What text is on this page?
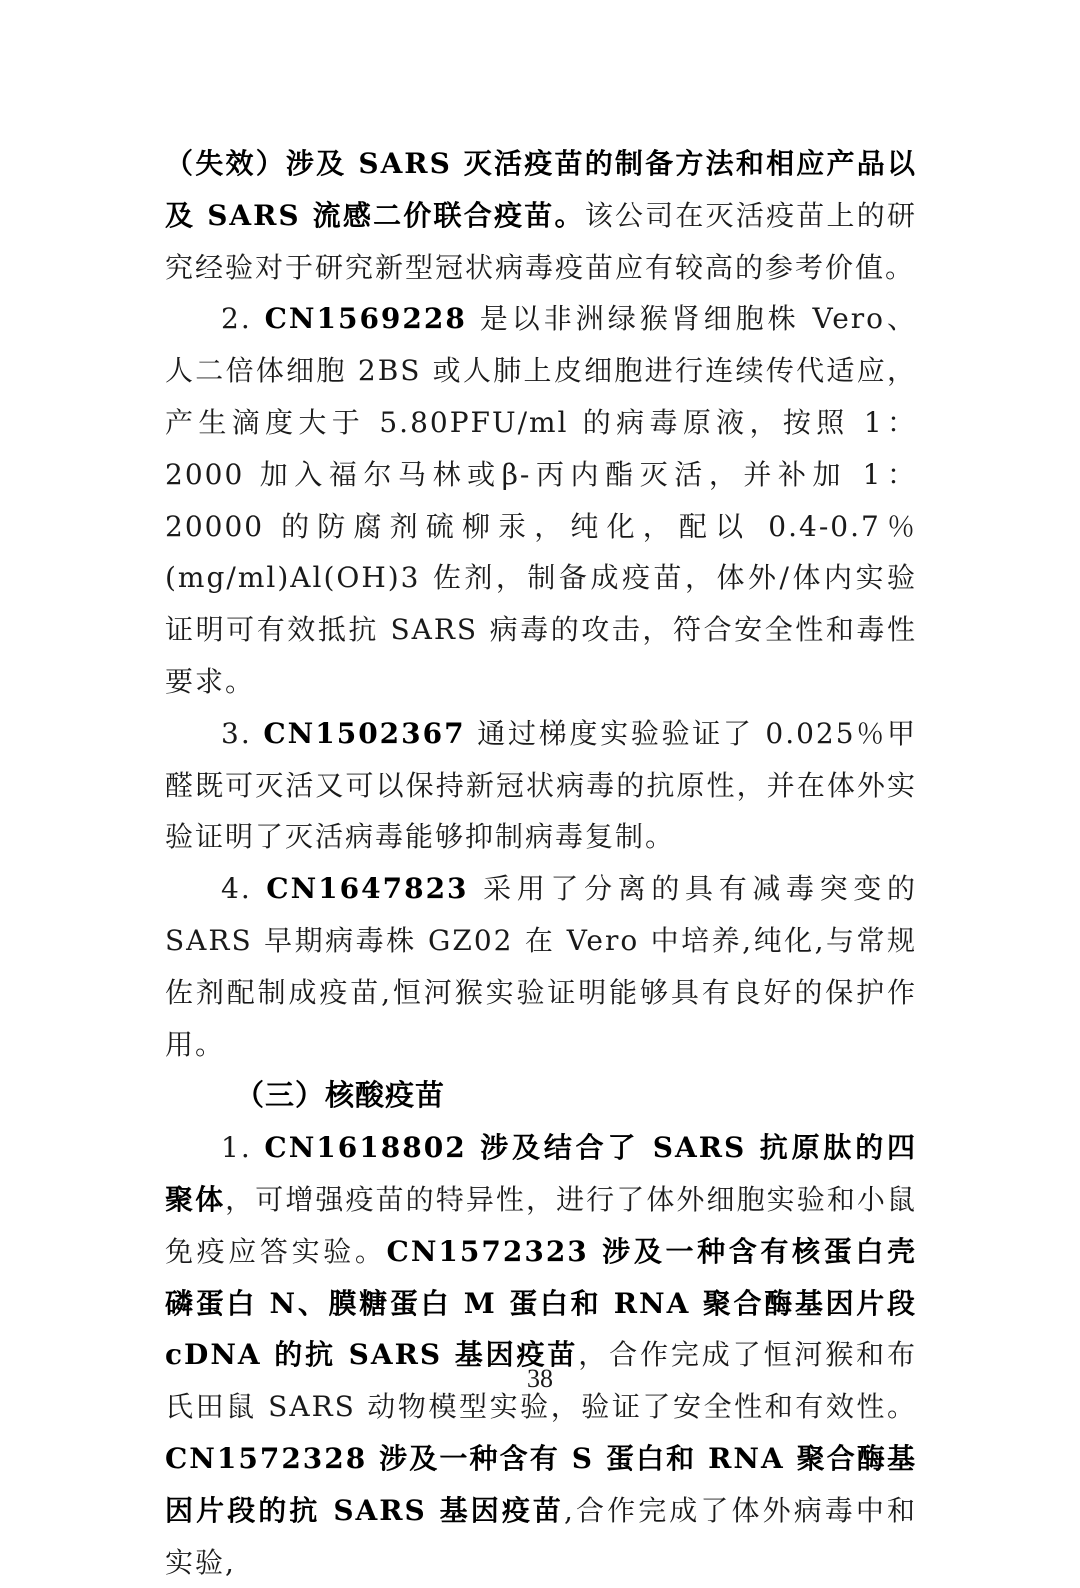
（失效）涉及 SARS 灭活疫苗的制备方法和相应产品以及 SARS 流感二价联合疫苗。该公司在灭活疫苗上的研究经验对于研究新型冠状病毒疫苗应有较高的参考价值。

2. CN1569228 是以非洲绿猴肾细胞株 Vero、人二倍体细胞 2BS 或人肺上皮细胞进行连续传代适应，产生滴度大于 5.80PFU/ml 的病毒原液，按照 1：2000 加入福尔马林或β-丙内酯灭活，并补加 1：20000 的防腐剂硫柳汞，纯化，配以 0.4-0.7％(mg/ml)Al(OH)3 佐剂，制备成疫苗，体外/体内实验证明可有效抵抗 SARS 病毒的攻击，符合安全性和毒性要求。

3. CN1502367 通过梯度实验验证了 0.025％甲醛既可灭活又可以保持新冠状病毒的抗原性，并在体外实验证明了灭活病毒能够抑制病毒复制。

4. CN1647823 采用了分离的具有减毒突变的 SARS 早期病毒株 GZ02 在 Vero 中培养,纯化,与常规佐剂配制成疫苗,恒河猴实验证明能够具有良好的保护作用。

（三）核酸疫苗

1. CN1618802 涉及结合了 SARS 抗原肽的四聚体，可增强疫苗的特异性，进行了体外细胞实验和小鼠免疫应答实验。CN1572323 涉及一种含有核蛋白壳磷蛋白 N、膜糖蛋白 M 蛋白和 RNA 聚合酶基因片段 cDNA 的抗 SARS 基因疫苗，合作完成了恒河猴和布氏田鼠 SARS 动物模型实验，验证了安全性和有效性。CN1572328 涉及一种含有 S 蛋白和 RNA 聚合酶基因片段的抗 SARS 基因疫苗,合作完成了体外病毒中和实验,

38
